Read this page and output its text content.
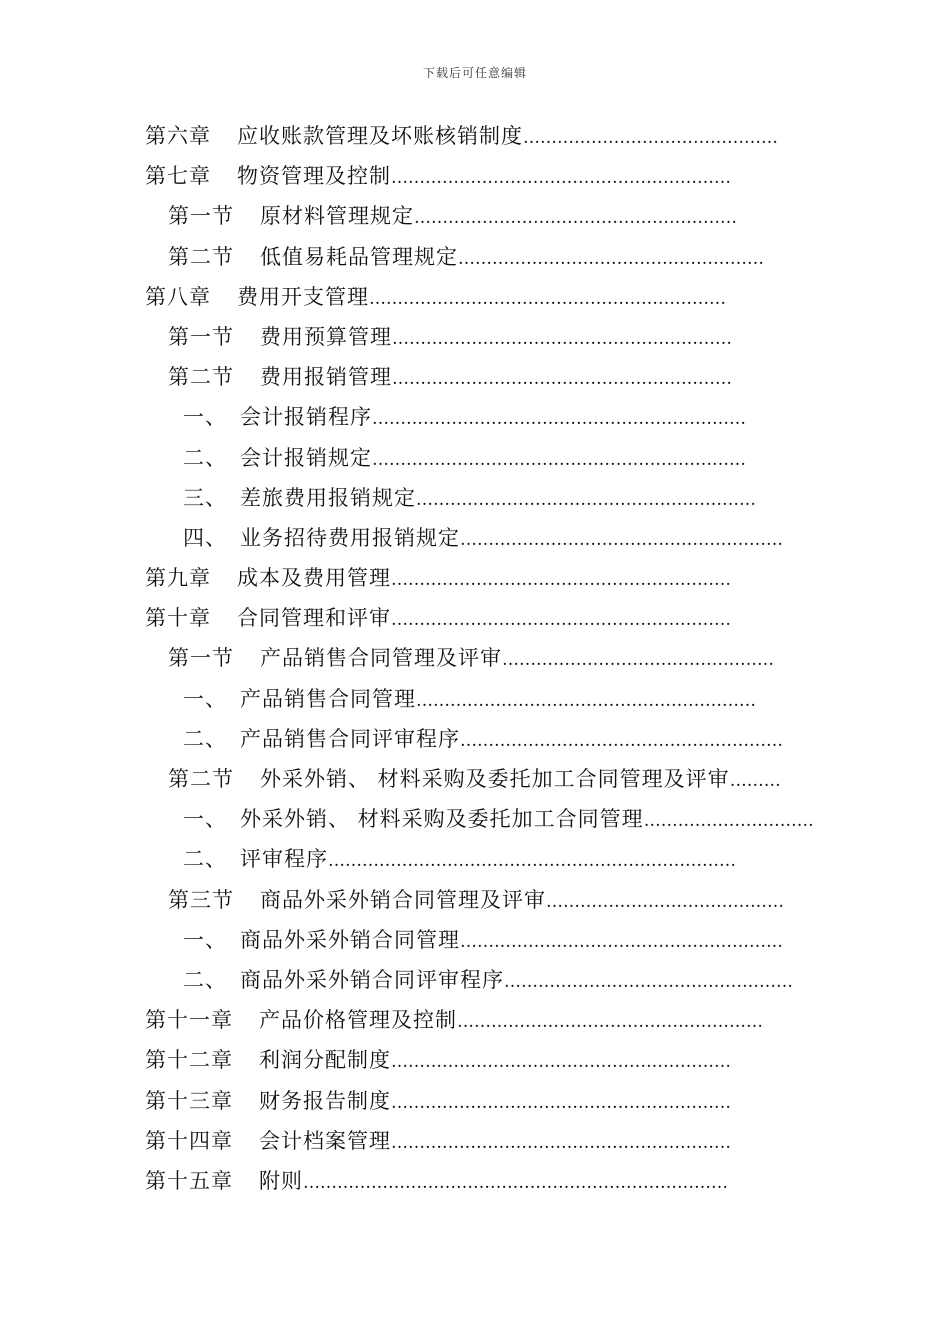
下载后可任意编辑
第六章 应收账款管理及坏账核销制度………………………………………
第七章 物资管理及控制……………………………………………………
第一节 原材料管理规定…………………………………………………
第二节 低值易耗品管理规定………………………………………………
第八章 费用开支管理………………………………………………………
第一节 费用预算管理……………………………………………………
第二节 费用报销管理……………………………………………………
一、 会计报销程序…………………………………………………………
二、 会计报销规定…………………………………………………………
三、 差旅费用报销规定……………………………………………………
四、 业务招待费用报销规定…………………………………………………
第九章 成本及费用管理……………………………………………………
第十章 合同管理和评审……………………………………………………
第一节 产品销售合同管理及评审…………………………………………
一、 产品销售合同管理……………………………………………………
二、 产品销售合同评审程序…………………………………………………
第二节 外采外销、 材料采购及委托加工合同管理及评审………
一、 外采外销、 材料采购及委托加工合同管理…………………………
二、 评审程序………………………………………………………………
第三节 商品外采外销合同管理及评审……………………………………
一、 商品外采外销合同管理…………………………………………………
二、 商品外采外销合同评审程序……………………………………………
第十一章 产品价格管理及控制………………………………………………
第十二章 利润分配制度……………………………………………………
第十三章 财务报告制度……………………………………………………
第十四章 会计档案管理……………………………………………………
第十五章 附则…………………………………………………………………
